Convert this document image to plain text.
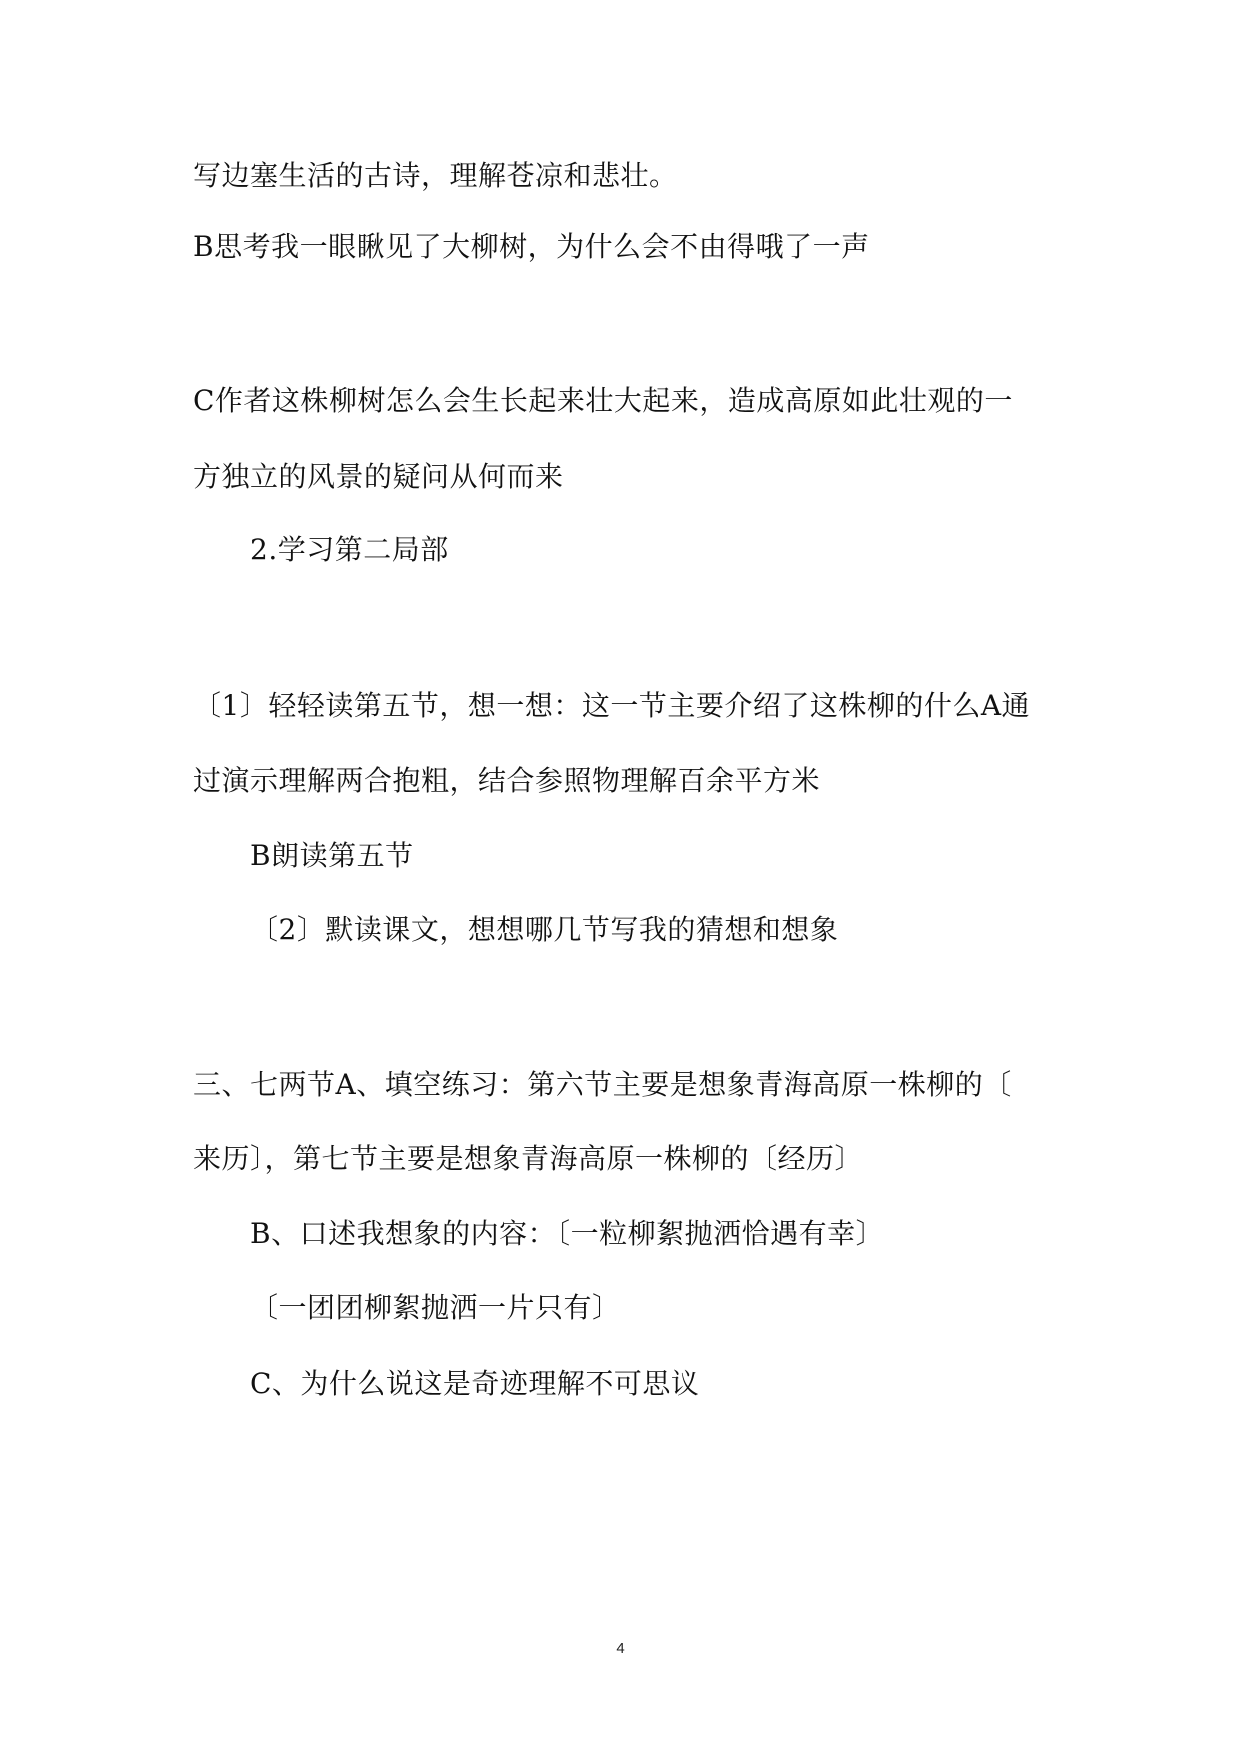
写边塞生活的古诗，理解苍凉和悲壮。
B思考我一眼瞅见了大柳树，为什么会不由得哦了一声
C作者这株柳树怎么会生长起来壮大起来，造成高原如此壮观的一
方独立的风景的疑问从何而来
2.学习第二局部
〔1〕轻轻读第五节，想一想：这一节主要介绍了这株柳的什么A通
过演示理解两合抱粗，结合参照物理解百余平方米
B朗读第五节
〔2〕默读课文，想想哪几节写我的猜想和想象
三、七两节A、填空练习：第六节主要是想象青海高原一株柳的〔
来历〕，第七节主要是想象青海高原一株柳的〔经历〕
B、口述我想象的内容：〔一粒柳絮抛洒恰遇有幸〕
〔一团团柳絮抛洒一片只有〕
C、为什么说这是奇迹理解不可思议
4
